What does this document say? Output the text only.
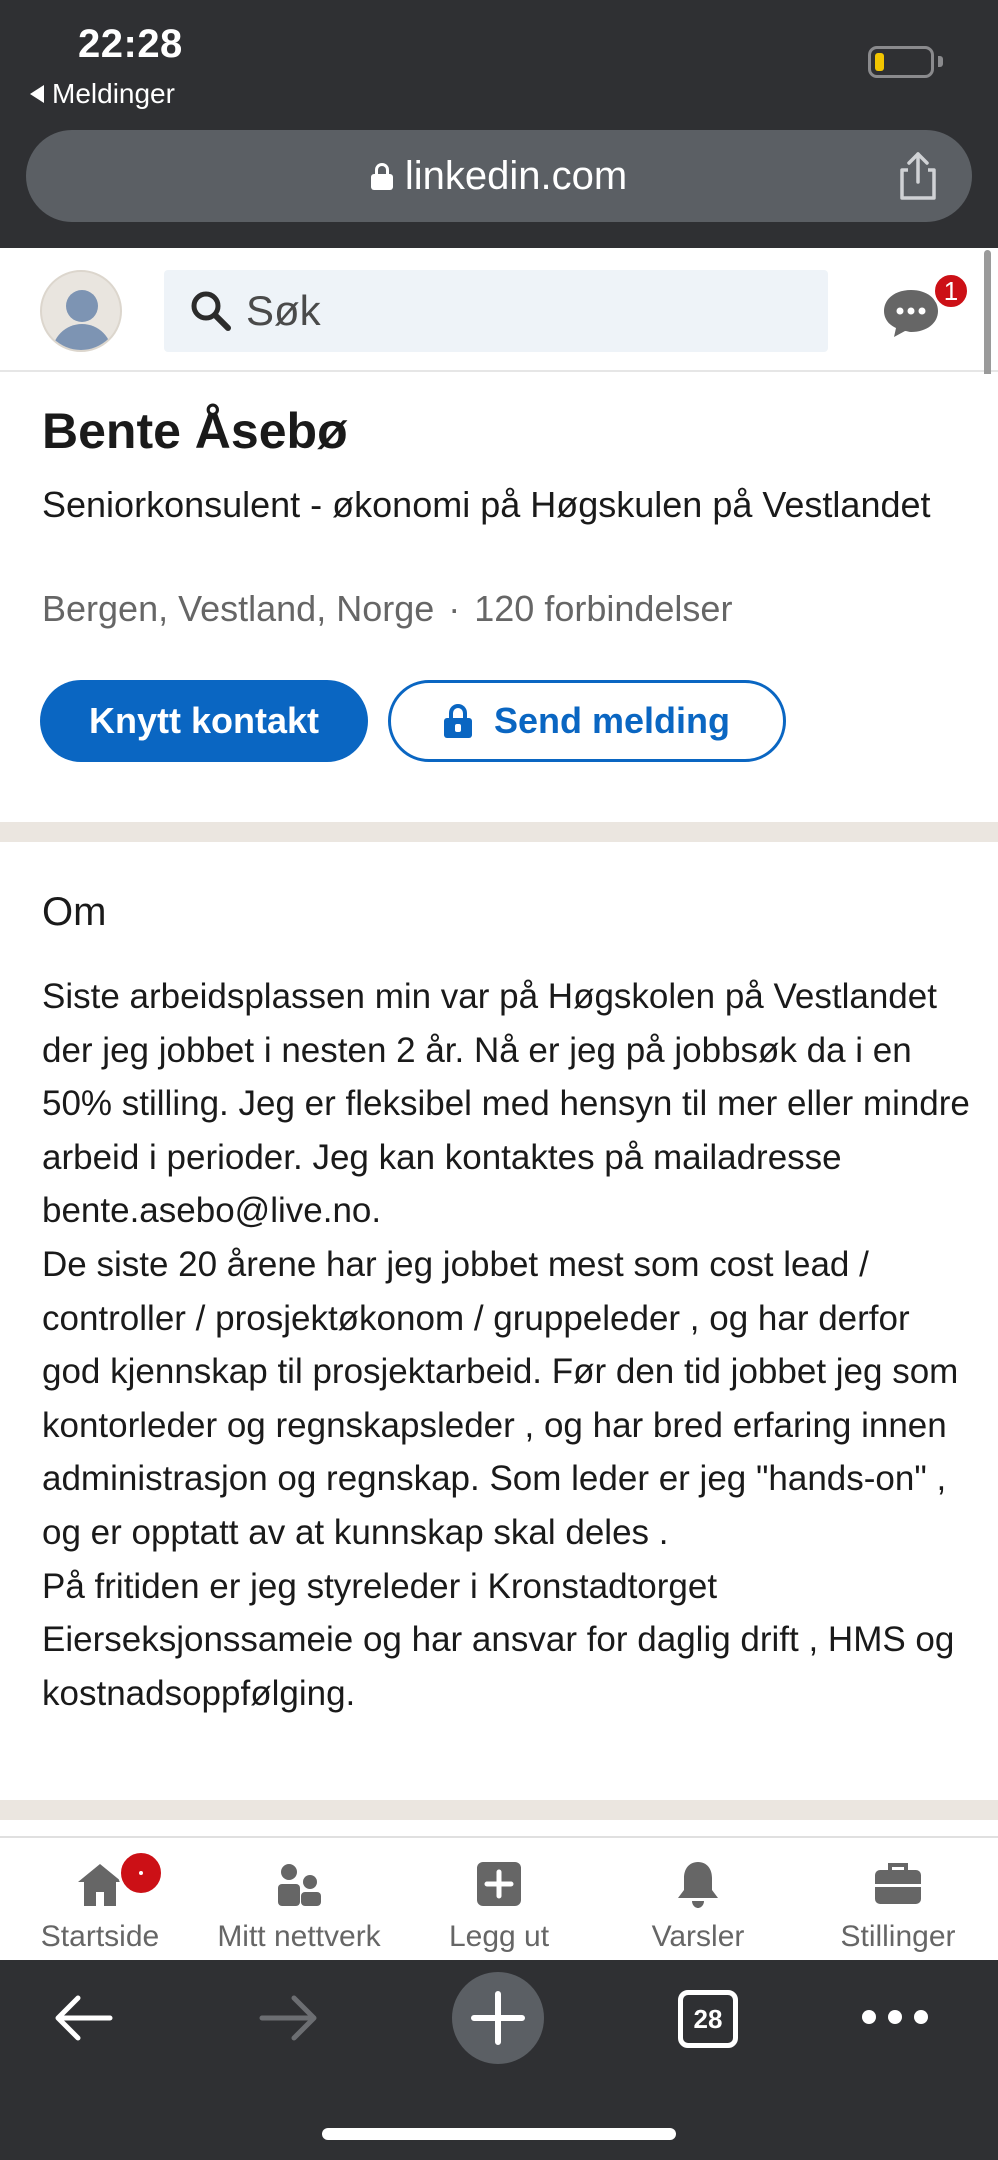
22:28
Meldinger
linkedin.com
Søk	1
Bente Åsebø
Seniorkonsulent - økonomi på Høgskulen på Vestlandet
Bergen, Vestland, Norge · 120 forbindelser
Knytt kontakt	Send melding
Om

Siste arbeidsplassen min var på Høgskolen på Vestlandet der jeg jobbet i nesten 2 år. Nå er jeg på jobbsøk da i en 50% stilling. Jeg er fleksibel med hensyn til mer eller mindre arbeid i perioder. Jeg kan kontaktes på mailadresse bente.asebo@live.no.

De siste 20 årene har jeg jobbet mest som cost lead / controller / prosjektøkonom / gruppeleder , og har derfor god kjennskap til prosjektarbeid. Før den tid jobbet jeg som kontorleder og regnskapsleder , og har bred erfaring innen administrasjon og regnskap. Som leder er jeg "hands-on" , og er opptatt av at kunnskap skal deles .

På fritiden er jeg styreleder i Kronstadtorget Eierseksjonssameie og har ansvar for daglig drift , HMS og kostnadsoppfølging.

Startside	Mitt nettverk	Legg ut	Varsler	Stillinger
28
